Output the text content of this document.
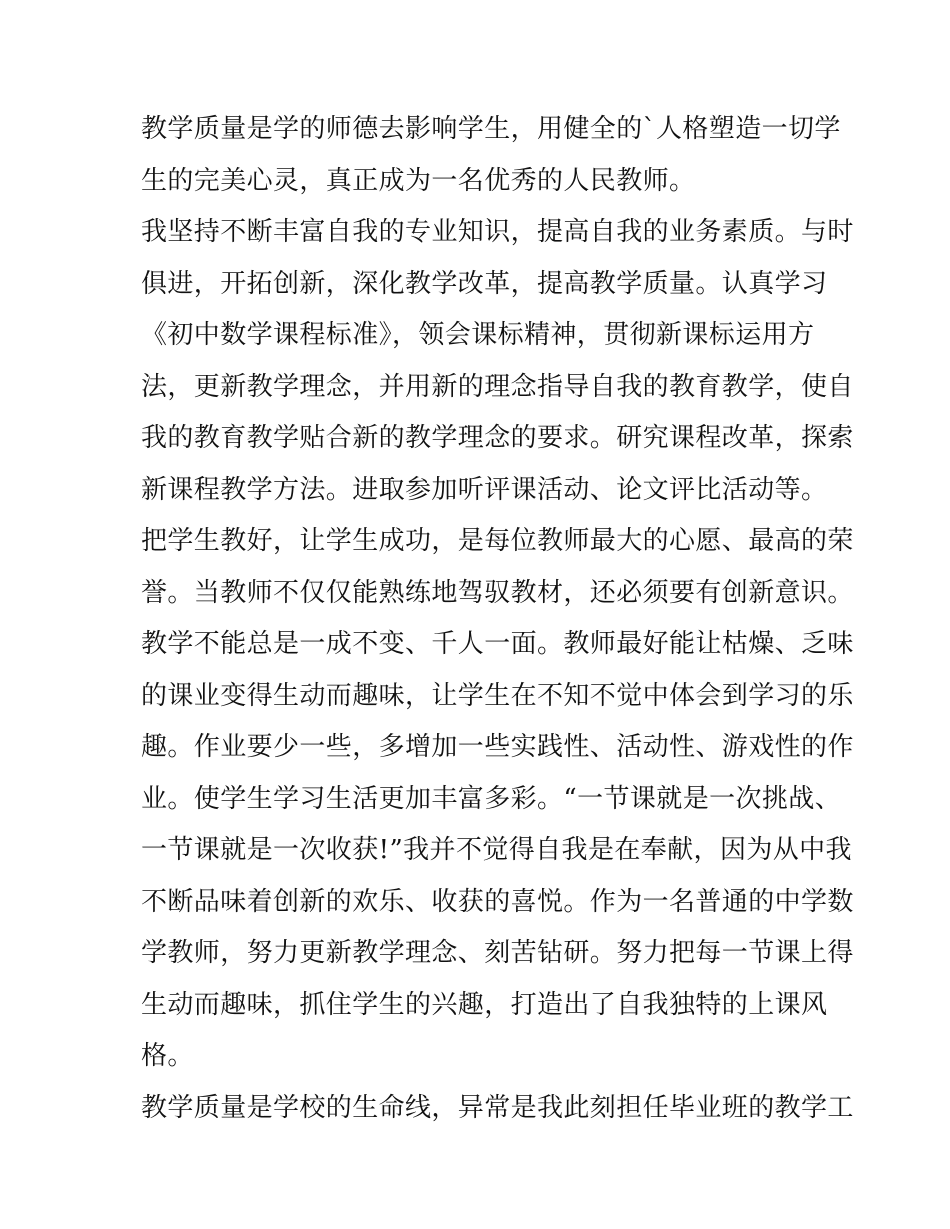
教学质量是学的师德去影响学生，用健全的`人格塑造一切学
生的完美心灵，真正成为一名优秀的人民教师。
我坚持不断丰富自我的专业知识，提高自我的业务素质。与时
俱进，开拓创新，深化教学改革，提高教学质量。认真学习
《初中数学课程标准》，领会课标精神，贯彻新课标运用方
法，更新教学理念，并用新的理念指导自我的教育教学，使自
我的教育教学贴合新的教学理念的要求。研究课程改革，探索
新课程教学方法。进取参加听评课活动、论文评比活动等。
把学生教好，让学生成功，是每位教师最大的心愿、最高的荣
誉。当教师不仅仅能熟练地驾驭教材，还必须要有创新意识。
教学不能总是一成不变、千人一面。教师最好能让枯燥、乏味
的课业变得生动而趣味，让学生在不知不觉中体会到学习的乐
趣。作业要少一些，多增加一些实践性、活动性、游戏性的作
业。使学生学习生活更加丰富多彩。“一节课就是一次挑战、
一节课就是一次收获!”我并不觉得自我是在奉献，因为从中我
不断品味着创新的欢乐、收获的喜悦。作为一名普通的中学数
学教师，努力更新教学理念、刻苦钻研。努力把每一节课上得
生动而趣味，抓住学生的兴趣，打造出了自我独特的上课风
格。
教学质量是学校的生命线，异常是我此刻担任毕业班的教学工
